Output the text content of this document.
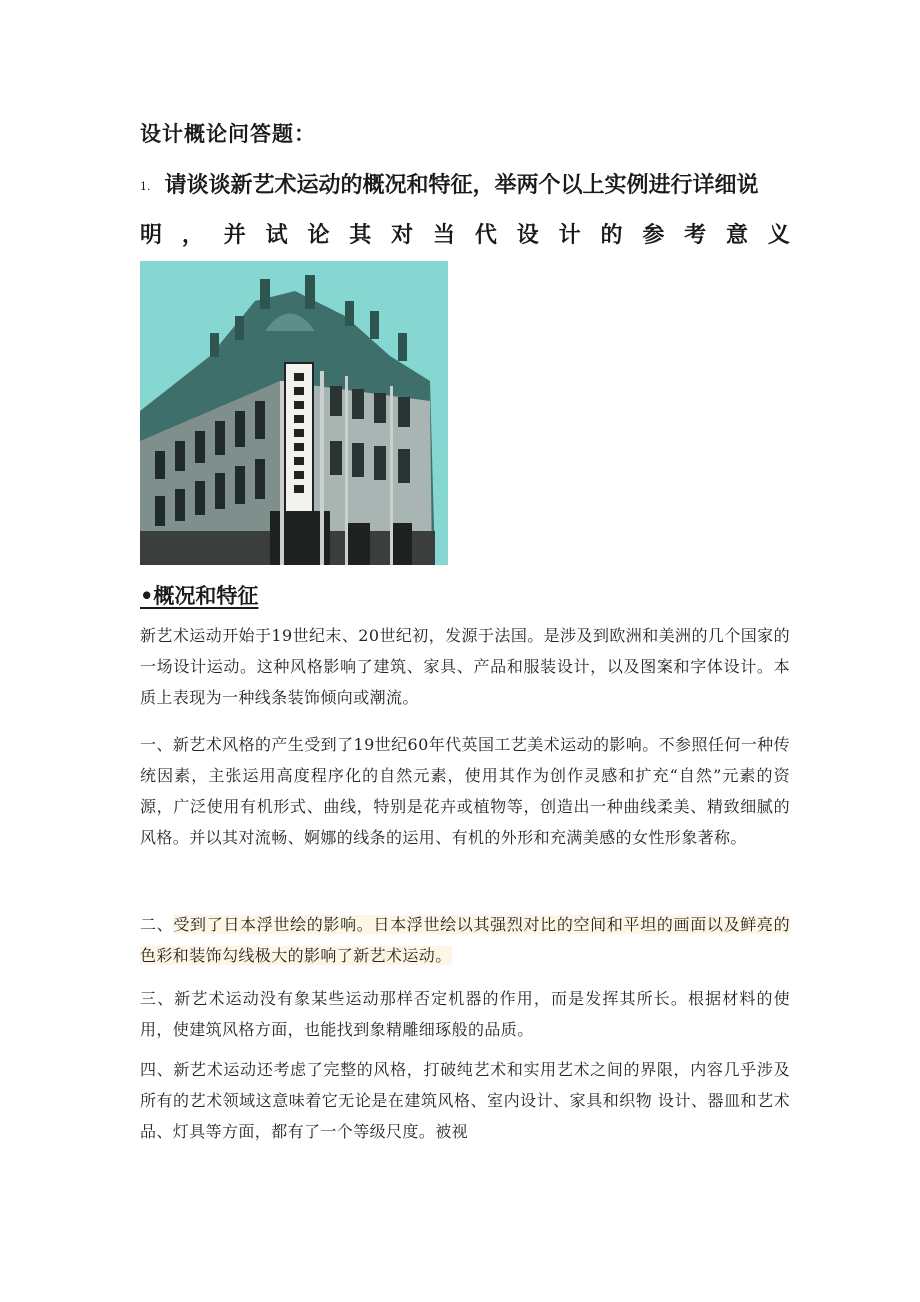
设计概论问答题：
1. 请谈谈新艺术运动的概况和特征，举两个以上实例进行详细说
明 ， 并 试 论 其 对 当 代 设 计 的 参 考 意 义
•概况和特征
新艺术运动开始于19世纪末、20世纪初，发源于法国。是涉及到欧洲和美洲的几个国家的一场设计运动。这种风格影响了建筑、家具、产品和服装设计，以及图案和字体设计。本质上表现为一种线条装饰倾向或潮流。
一、新艺术风格的产生受到了19世纪60年代英国工艺美术运动的影响。不参照任何一种传统因素，主张运用高度程序化的自然元素，使用其作为创作灵感和扩充“自然”元素的资源，广泛使用有机形式、曲线，特别是花卉或植物等，创造出一种曲线柔美、精致细腻的风格。并以其对流畅、婀娜的线条的运用、有机的外形和充满美感的女性形象著称。
二、受到了日本浮世绘的影响。日本浮世绘以其强烈对比的空间和平坦的画面以及鲜亮的色彩和装饰勾线极大的影响了新艺术运动。
三、新艺术运动没有象某些运动那样否定机器的作用，而是发挥其所长。根据材料的使用，使建筑风格方面，也能找到象精雕细琢般的品质。
四、新艺术运动还考虑了完整的风格，打破纯艺术和实用艺术之间的界限，内容几乎涉及所有的艺术领域这意味着它无论是在建筑风格、室内设计、家具和织物 设计、器皿和艺术品、灯具等方面，都有了一个等级尺度。被视
